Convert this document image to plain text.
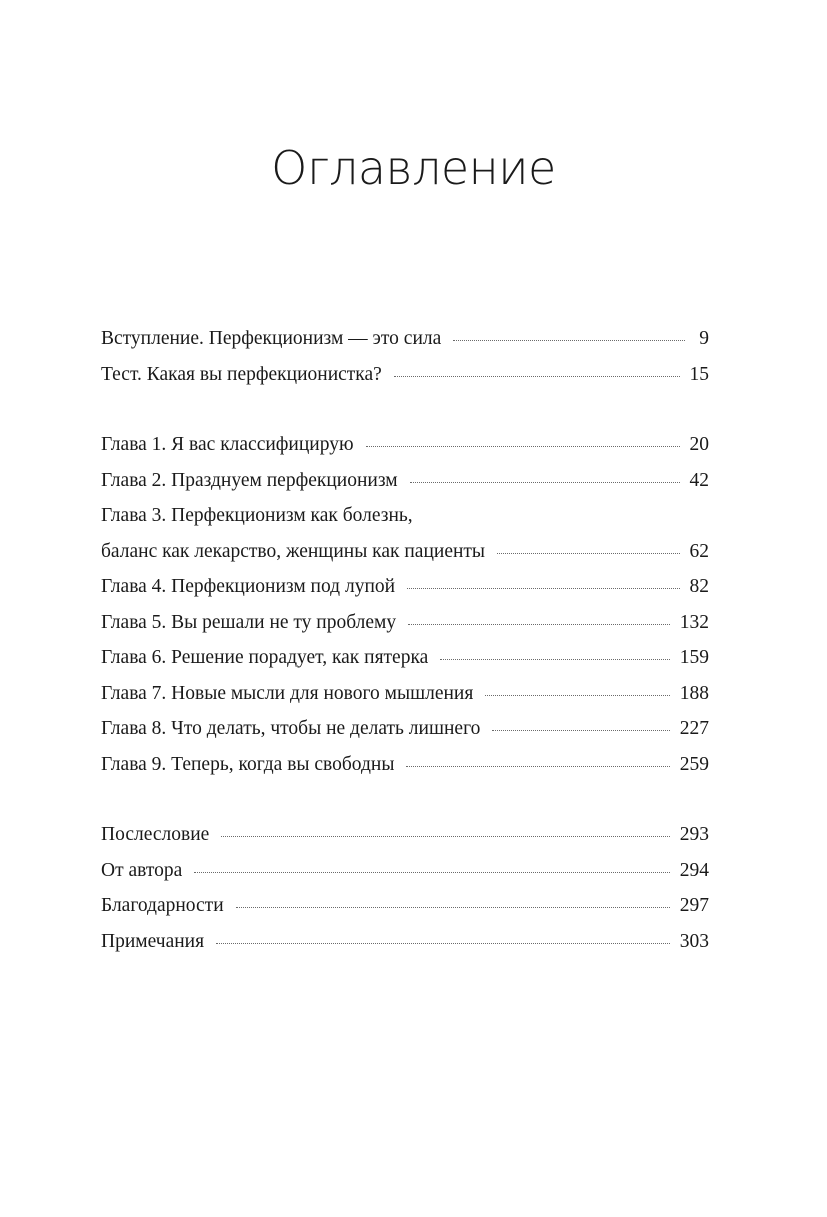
Оглавление
Вступление. Перфекционизм — это сила	9
Тест. Какая вы перфекционистка?	15
Глава 1. Я вас классифицирую	20
Глава 2. Празднуем перфекционизм	42
Глава 3. Перфекционизм как болезнь,
баланс как лекарство, женщины как пациенты	62
Глава 4. Перфекционизм под лупой	82
Глава 5. Вы решали не ту проблему	132
Глава 6. Решение порадует, как пятерка	159
Глава 7. Новые мысли для нового мышления	188
Глава 8. Что делать, чтобы не делать лишнего	227
Глава 9. Теперь, когда вы свободны	259
Послесловие	293
От автора	294
Благодарности	297
Примечания	303
